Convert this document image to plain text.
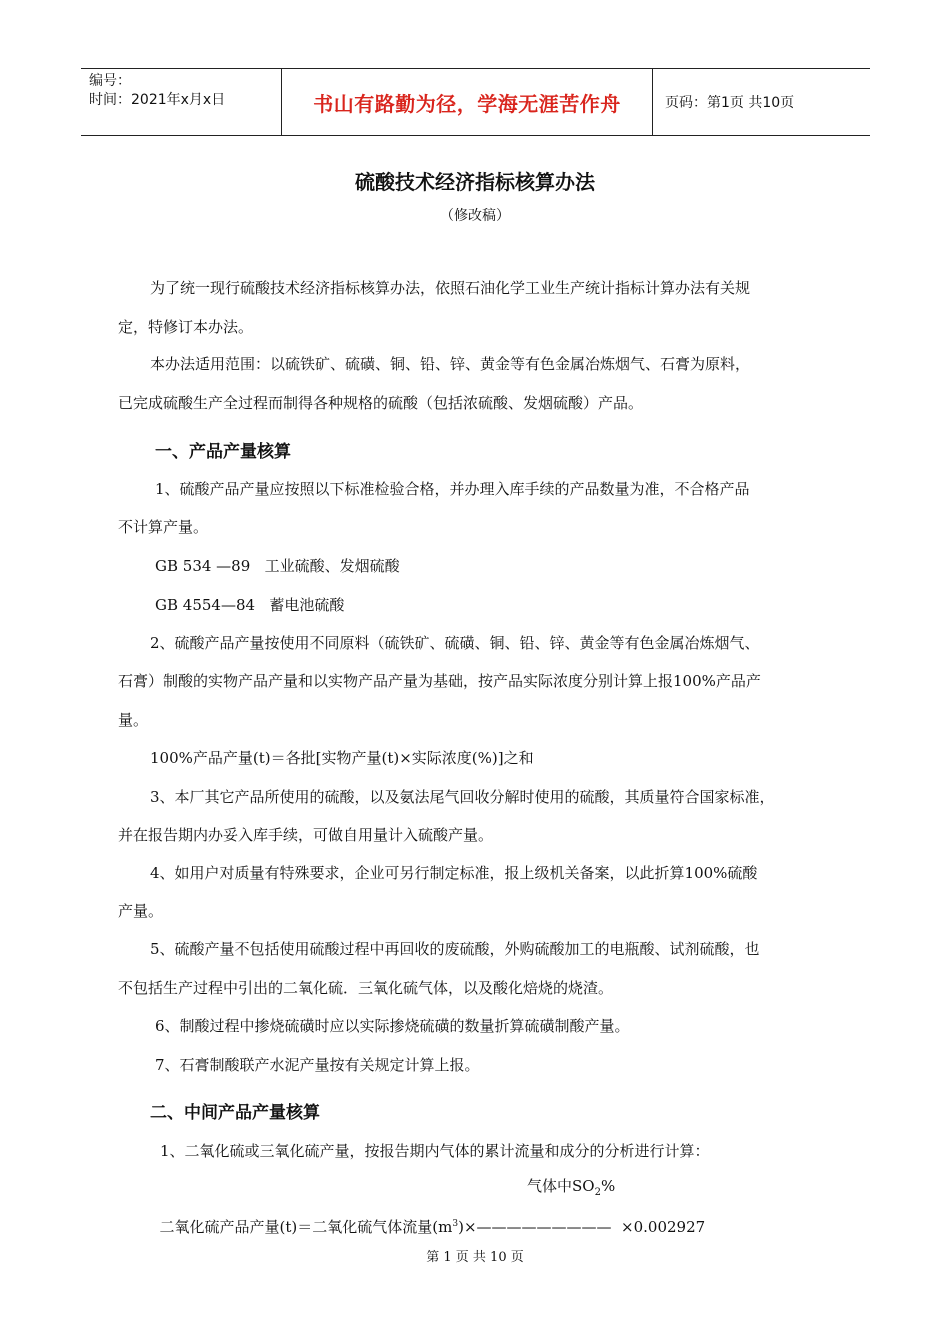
编号：
时间：2021年x月x日	书山有路勤为径，学海无涯苦作舟	页码：第1页 共10页
硫酸技术经济指标核算办法
（修改稿）
为了统一现行硫酸技术经济指标核算办法，依照石油化学工业生产统计指标计算办法有关规
定，特修订本办法。
本办法适用范围：以硫铁矿、硫磺、铜、铅、锌、黄金等有色金属冶炼烟气、石膏为原料，
已完成硫酸生产全过程而制得各种规格的硫酸（包括浓硫酸、发烟硫酸）产品。
一、产品产量核算
1、硫酸产品产量应按照以下标准检验合格，并办理入库手续的产品数量为准，不合格产品
不计算产量。
GB 534 —89   工业硫酸、发烟硫酸
GB 4554—84   蓄电池硫酸
2、硫酸产品产量按使用不同原料（硫铁矿、硫磺、铜、铅、锌、黄金等有色金属冶炼烟气、
石膏）制酸的实物产品产量和以实物产品产量为基础，按产品实际浓度分别计算上报100%产品产
量。
100%产品产量(t)＝各批[实物产量(t)×实际浓度(%)]之和
3、本厂其它产品所使用的硫酸，以及氨法尾气回收分解时使用的硫酸，其质量符合国家标准，
并在报告期内办妥入库手续，可做自用量计入硫酸产量。
4、如用户对质量有特殊要求，企业可另行制定标准，报上级机关备案，以此折算100%硫酸
产量。
5、硫酸产量不包括使用硫酸过程中再回收的废硫酸，外购硫酸加工的电瓶酸、试剂硫酸，也
不包括生产过程中引出的二氧化硫．三氧化硫气体，以及酸化焙烧的烧渣。
6、制酸过程中掺烧硫磺时应以实际掺烧硫磺的数量折算硫磺制酸产量。
7、石膏制酸联产水泥产量按有关规定计算上报。
二、中间产品产量核算
1、二氧化硫或三氧化硫产量，按报告期内气体的累计流量和成分的分析进行计算：
气体中$SO_2\%$

二氧化硫产品产量(t)＝二氧化硫气体流量$(m^3)\times————————— \times 0.002927$

第 1 页 共 10 页
